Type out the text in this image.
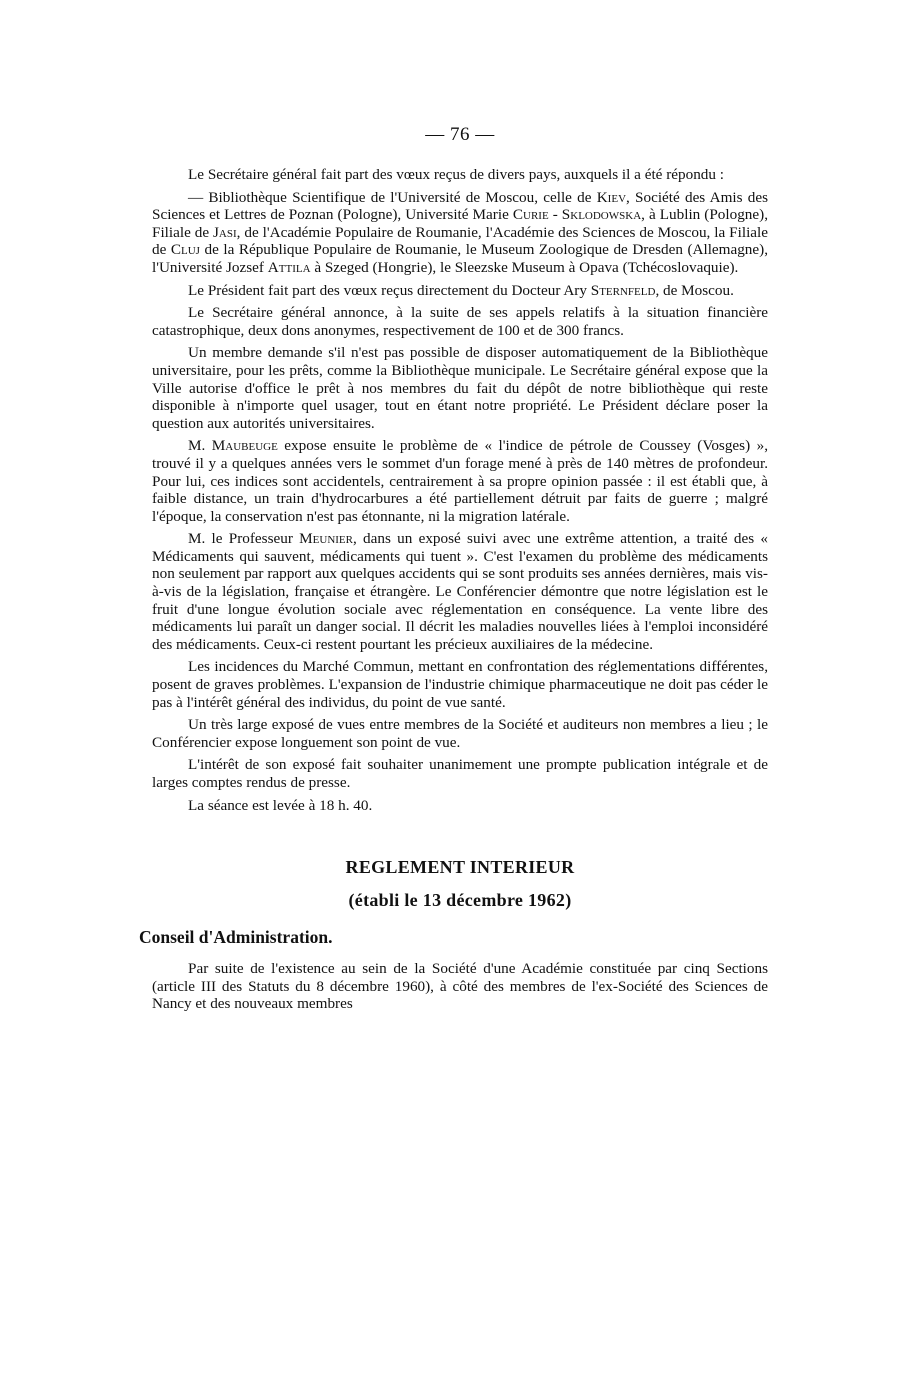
— 76 —

Le Secrétaire général fait part des vœux reçus de divers pays, auxquels il a été répondu :

— Bibliothèque Scientifique de l'Université de Moscou, celle de Kiev, Société des Amis des Sciences et Lettres de Poznan (Pologne), Université Marie Curie - Sklodowska, à Lublin (Pologne), Filiale de Jasi, de l'Académie Populaire de Roumanie, l'Académie des Sciences de Moscou, la Filiale de Cluj de la République Populaire de Roumanie, le Museum Zoologique de Dresden (Allemagne), l'Université Jozsef Attila à Szeged (Hongrie), le Sleezske Museum à Opava (Tchécoslovaquie).

Le Président fait part des vœux reçus directement du Docteur Ary Sternfeld, de Moscou.

Le Secrétaire général annonce, à la suite de ses appels relatifs à la situation financière catastrophique, deux dons anonymes, respectivement de 100 et de 300 francs.

Un membre demande s'il n'est pas possible de disposer automatiquement de la Bibliothèque universitaire, pour les prêts, comme la Bibliothèque municipale. Le Secrétaire général expose que la Ville autorise d'office le prêt à nos membres du fait du dépôt de notre bibliothèque qui reste disponible à n'importe quel usager, tout en étant notre propriété. Le Président déclare poser la question aux autorités universitaires.

M. Maubeuge expose ensuite le problème de « l'indice de pétrole de Coussey (Vosges) », trouvé il y a quelques années vers le sommet d'un forage mené à près de 140 mètres de profondeur. Pour lui, ces indices sont accidentels, centrairement à sa propre opinion passée : il est établi que, à faible distance, un train d'hydrocarbures a été partiellement détruit par faits de guerre ; malgré l'époque, la conservation n'est pas étonnante, ni la migration latérale.

M. le Professeur Meunier, dans un exposé suivi avec une extrême attention, a traité des « Médicaments qui sauvent, médicaments qui tuent ». C'est l'examen du problème des médicaments non seulement par rapport aux quelques accidents qui se sont produits ses années dernières, mais vis-à-vis de la législation, française et étrangère. Le Conférencier démontre que notre législation est le fruit d'une longue évolution sociale avec réglementation en conséquence. La vente libre des médicaments lui paraît un danger social. Il décrit les maladies nouvelles liées à l'emploi inconsidéré des médicaments. Ceux-ci restent pourtant les précieux auxiliaires de la médecine.

Les incidences du Marché Commun, mettant en confrontation des réglementations différentes, posent de graves problèmes. L'expansion de l'industrie chimique pharmaceutique ne doit pas céder le pas à l'intérêt général des individus, du point de vue santé.

Un très large exposé de vues entre membres de la Société et auditeurs non membres a lieu ; le Conférencier expose longuement son point de vue.

L'intérêt de son exposé fait souhaiter unanimement une prompte publication intégrale et de larges comptes rendus de presse.

La séance est levée à 18 h. 40.

REGLEMENT INTERIEUR
(établi le 13 décembre 1962)
Conseil d'Administration.

Par suite de l'existence au sein de la Société d'une Académie constituée par cinq Sections (article III des Statuts du 8 décembre 1960), à côté des membres de l'ex-Société des Sciences de Nancy et des nouveaux membres
